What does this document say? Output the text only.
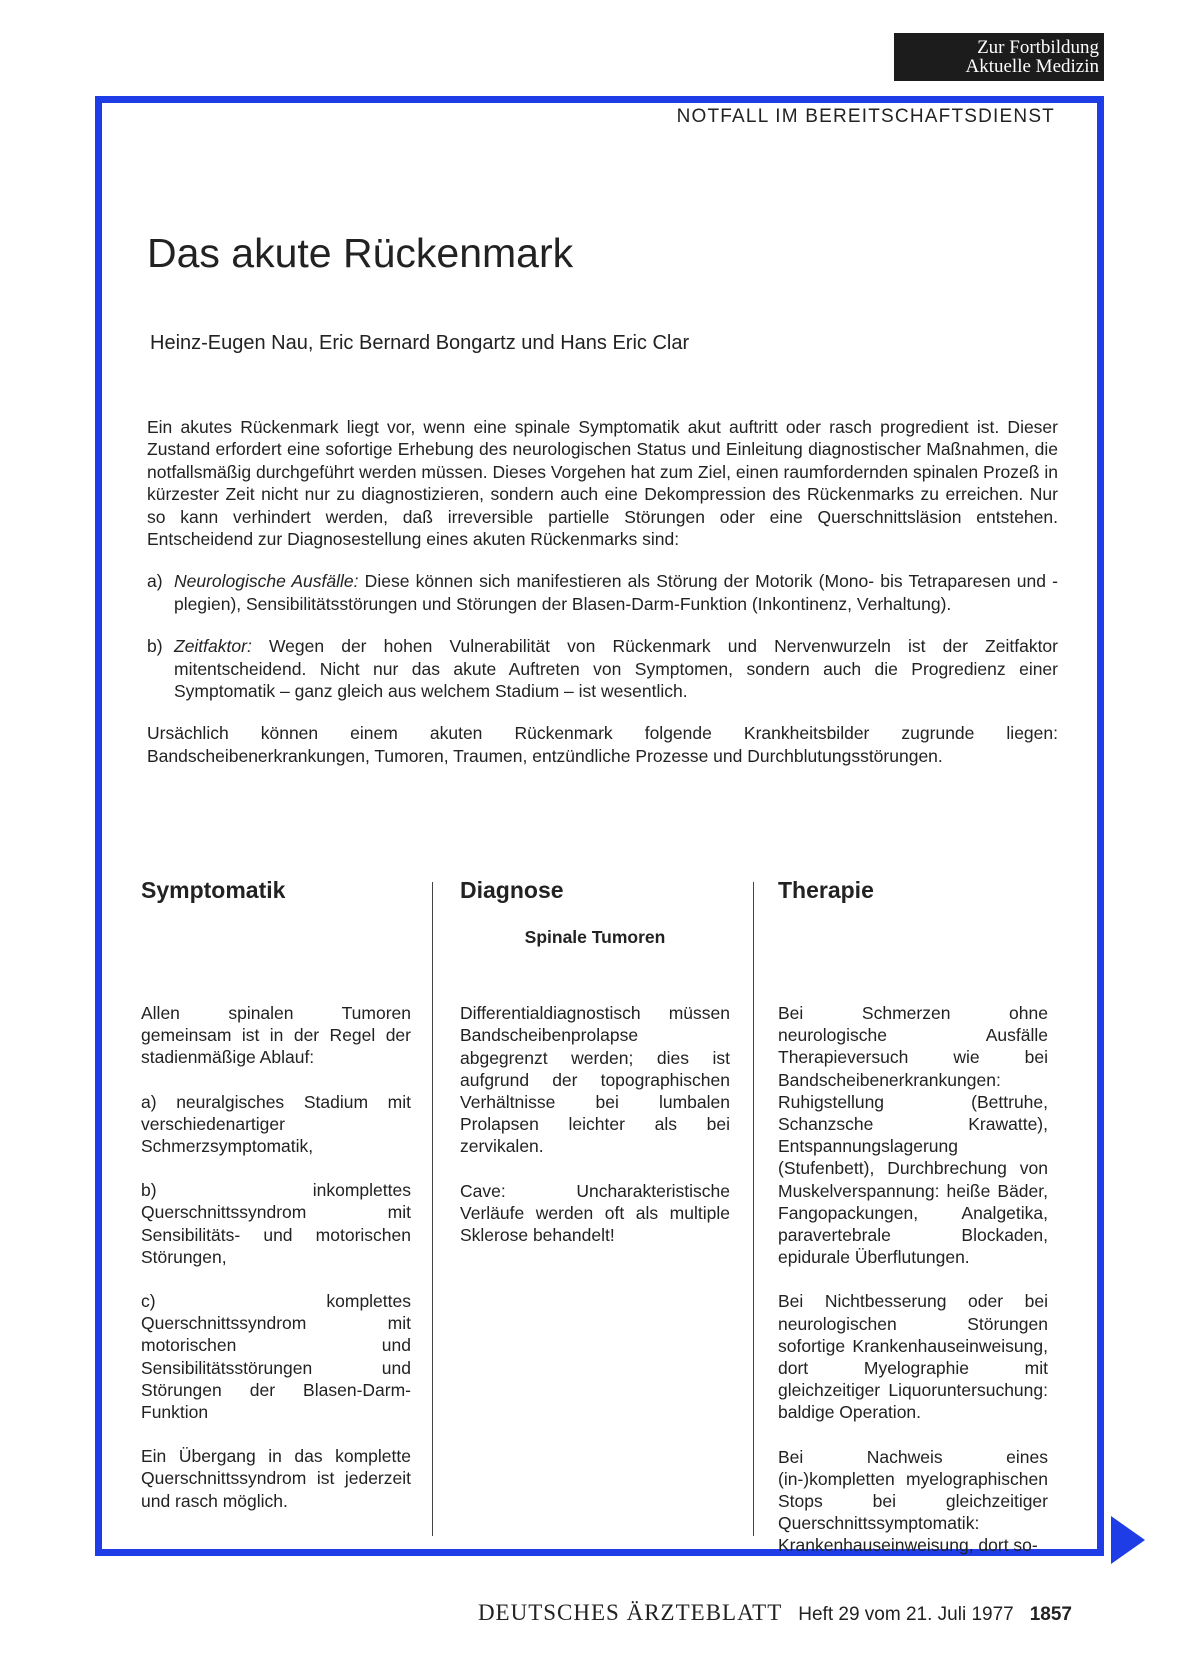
Zur Fortbildung
Aktuelle Medizin
NOTFALL IM BEREITSCHAFTSDIENST
Das akute Rückenmark
Heinz-Eugen Nau, Eric Bernard Bongartz und Hans Eric Clar

Ein akutes Rückenmark liegt vor, wenn eine spinale Symptomatik akut auftritt oder rasch progredient ist. Dieser Zustand erfordert eine sofortige Erhebung des neurologischen Status und Einleitung diagnostischer Maßnahmen, die notfallsmäßig durchgeführt werden müssen. Dieses Vorgehen hat zum Ziel, einen raumfordernden spinalen Prozeß in kürzester Zeit nicht nur zu diagnostizieren, sondern auch eine Dekompression des Rückenmarks zu erreichen. Nur so kann verhindert werden, daß irreversible partielle Störungen oder eine Querschnittsläsion entstehen. Entscheidend zur Diagnosestellung eines akuten Rückenmarks sind:

a) Neurologische Ausfälle: Diese können sich manifestieren als Störung der Motorik (Mono- bis Tetraparesen und -plegien), Sensibilitätsstörungen und Störungen der Blasen-Darm-Funktion (Inkontinenz, Verhaltung).
b) Zeitfaktor: Wegen der hohen Vulnerabilität von Rückenmark und Nervenwurzeln ist der Zeitfaktor mitentscheidend. Nicht nur das akute Auftreten von Symptomen, sondern auch die Progredienz einer Symptomatik – ganz gleich aus welchem Stadium – ist wesentlich.

Ursächlich können einem akuten Rückenmark folgende Krankheitsbilder zugrunde liegen: Bandscheibenerkrankungen, Tumoren, Traumen, entzündliche Prozesse und Durchblutungsstörungen.

Symptomatik

Allen spinalen Tumoren gemeinsam ist in der Regel der stadienmäßige Ablauf:

a) neuralgisches Stadium mit verschiedenartiger Schmerzsymptomatik,

b) inkomplettes Querschnittssyndrom mit Sensibilitäts- und motorischen Störungen,

c) komplettes Querschnittssyndrom mit motorischen und Sensibilitätsstörungen und Störungen der Blasen-Darm-Funktion

Ein Übergang in das komplette Querschnittssyndrom ist jederzeit und rasch möglich.

Diagnose
Spinale Tumoren

Differentialdiagnostisch müssen Bandscheibenprolapse abgegrenzt werden; dies ist aufgrund der topographischen Verhältnisse bei lumbalen Prolapsen leichter als bei zervikalen.

Cave: Uncharakteristische Verläufe werden oft als multiple Sklerose behandelt!

Therapie

Bei Schmerzen ohne neurologische Ausfälle Therapieversuch wie bei Bandscheibenerkrankungen: Ruhigstellung (Bettruhe, Schanzsche Krawatte), Entspannungslagerung (Stufenbett), Durchbrechung von Muskelverspannung: heiße Bäder, Fangopackungen, Analgetika, paravertebrale Blockaden, epidurale Überflutungen.

Bei Nichtbesserung oder bei neurologischen Störungen sofortige Krankenhauseinweisung, dort Myelographie mit gleichzeitiger Liquoruntersuchung: baldige Operation.

Bei Nachweis eines (in-)kompletten myelographischen Stops bei gleichzeitiger Querschnittssymptomatik: Krankenhauseinweisung, dort so-

DEUTSCHES ÄRZTEBLATT Heft 29 vom 21. Juli 1977 1857
